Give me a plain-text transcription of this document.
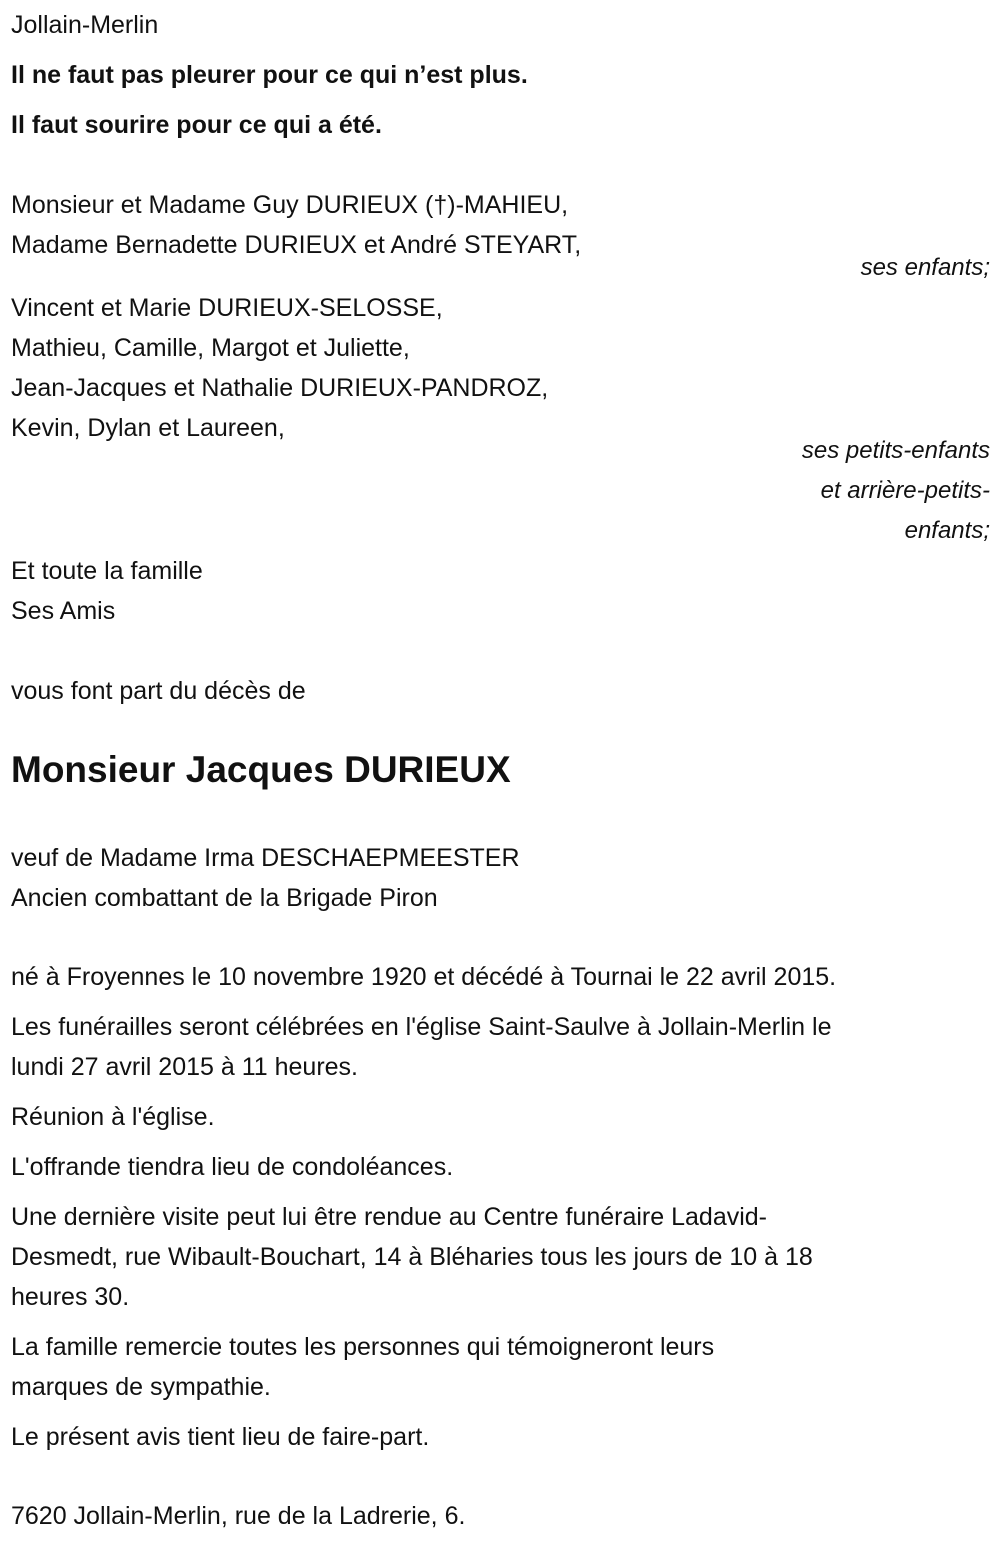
Jollain-Merlin
Il ne faut pas pleurer pour ce qui n’est plus.
Il faut sourire pour ce qui a été.
Monsieur et Madame Guy DURIEUX (†)-MAHIEU,
Madame Bernadette DURIEUX et André STEYART,
ses enfants;
Vincent et Marie DURIEUX-SELOSSE,
Mathieu, Camille, Margot et Juliette,
Jean-Jacques et Nathalie DURIEUX-PANDROZ,
Kevin, Dylan et Laureen,
ses petits-enfants
et arrière-petits-
enfants;
Et toute la famille
Ses Amis
vous font part du décès de
Monsieur Jacques DURIEUX
veuf de Madame Irma DESCHAEPMEESTER
Ancien combattant de la Brigade Piron
né à Froyennes le 10 novembre 1920 et décédé à Tournai le 22 avril 2015.
Les funérailles seront célébrées en l'église Saint-Saulve à Jollain-Merlin le
lundi 27 avril 2015 à 11 heures.
Réunion à l'église.
L'offrande tiendra lieu de condoléances.
Une dernière visite peut lui être rendue au Centre funéraire Ladavid-
Desmedt, rue Wibault-Bouchart, 14 à Bléharies tous les jours de 10 à 18
heures 30.
La famille remercie toutes les personnes qui témoigneront leurs
marques de sympathie.
Le présent avis tient lieu de faire-part.
7620 Jollain-Merlin, rue de la Ladrerie, 6.
